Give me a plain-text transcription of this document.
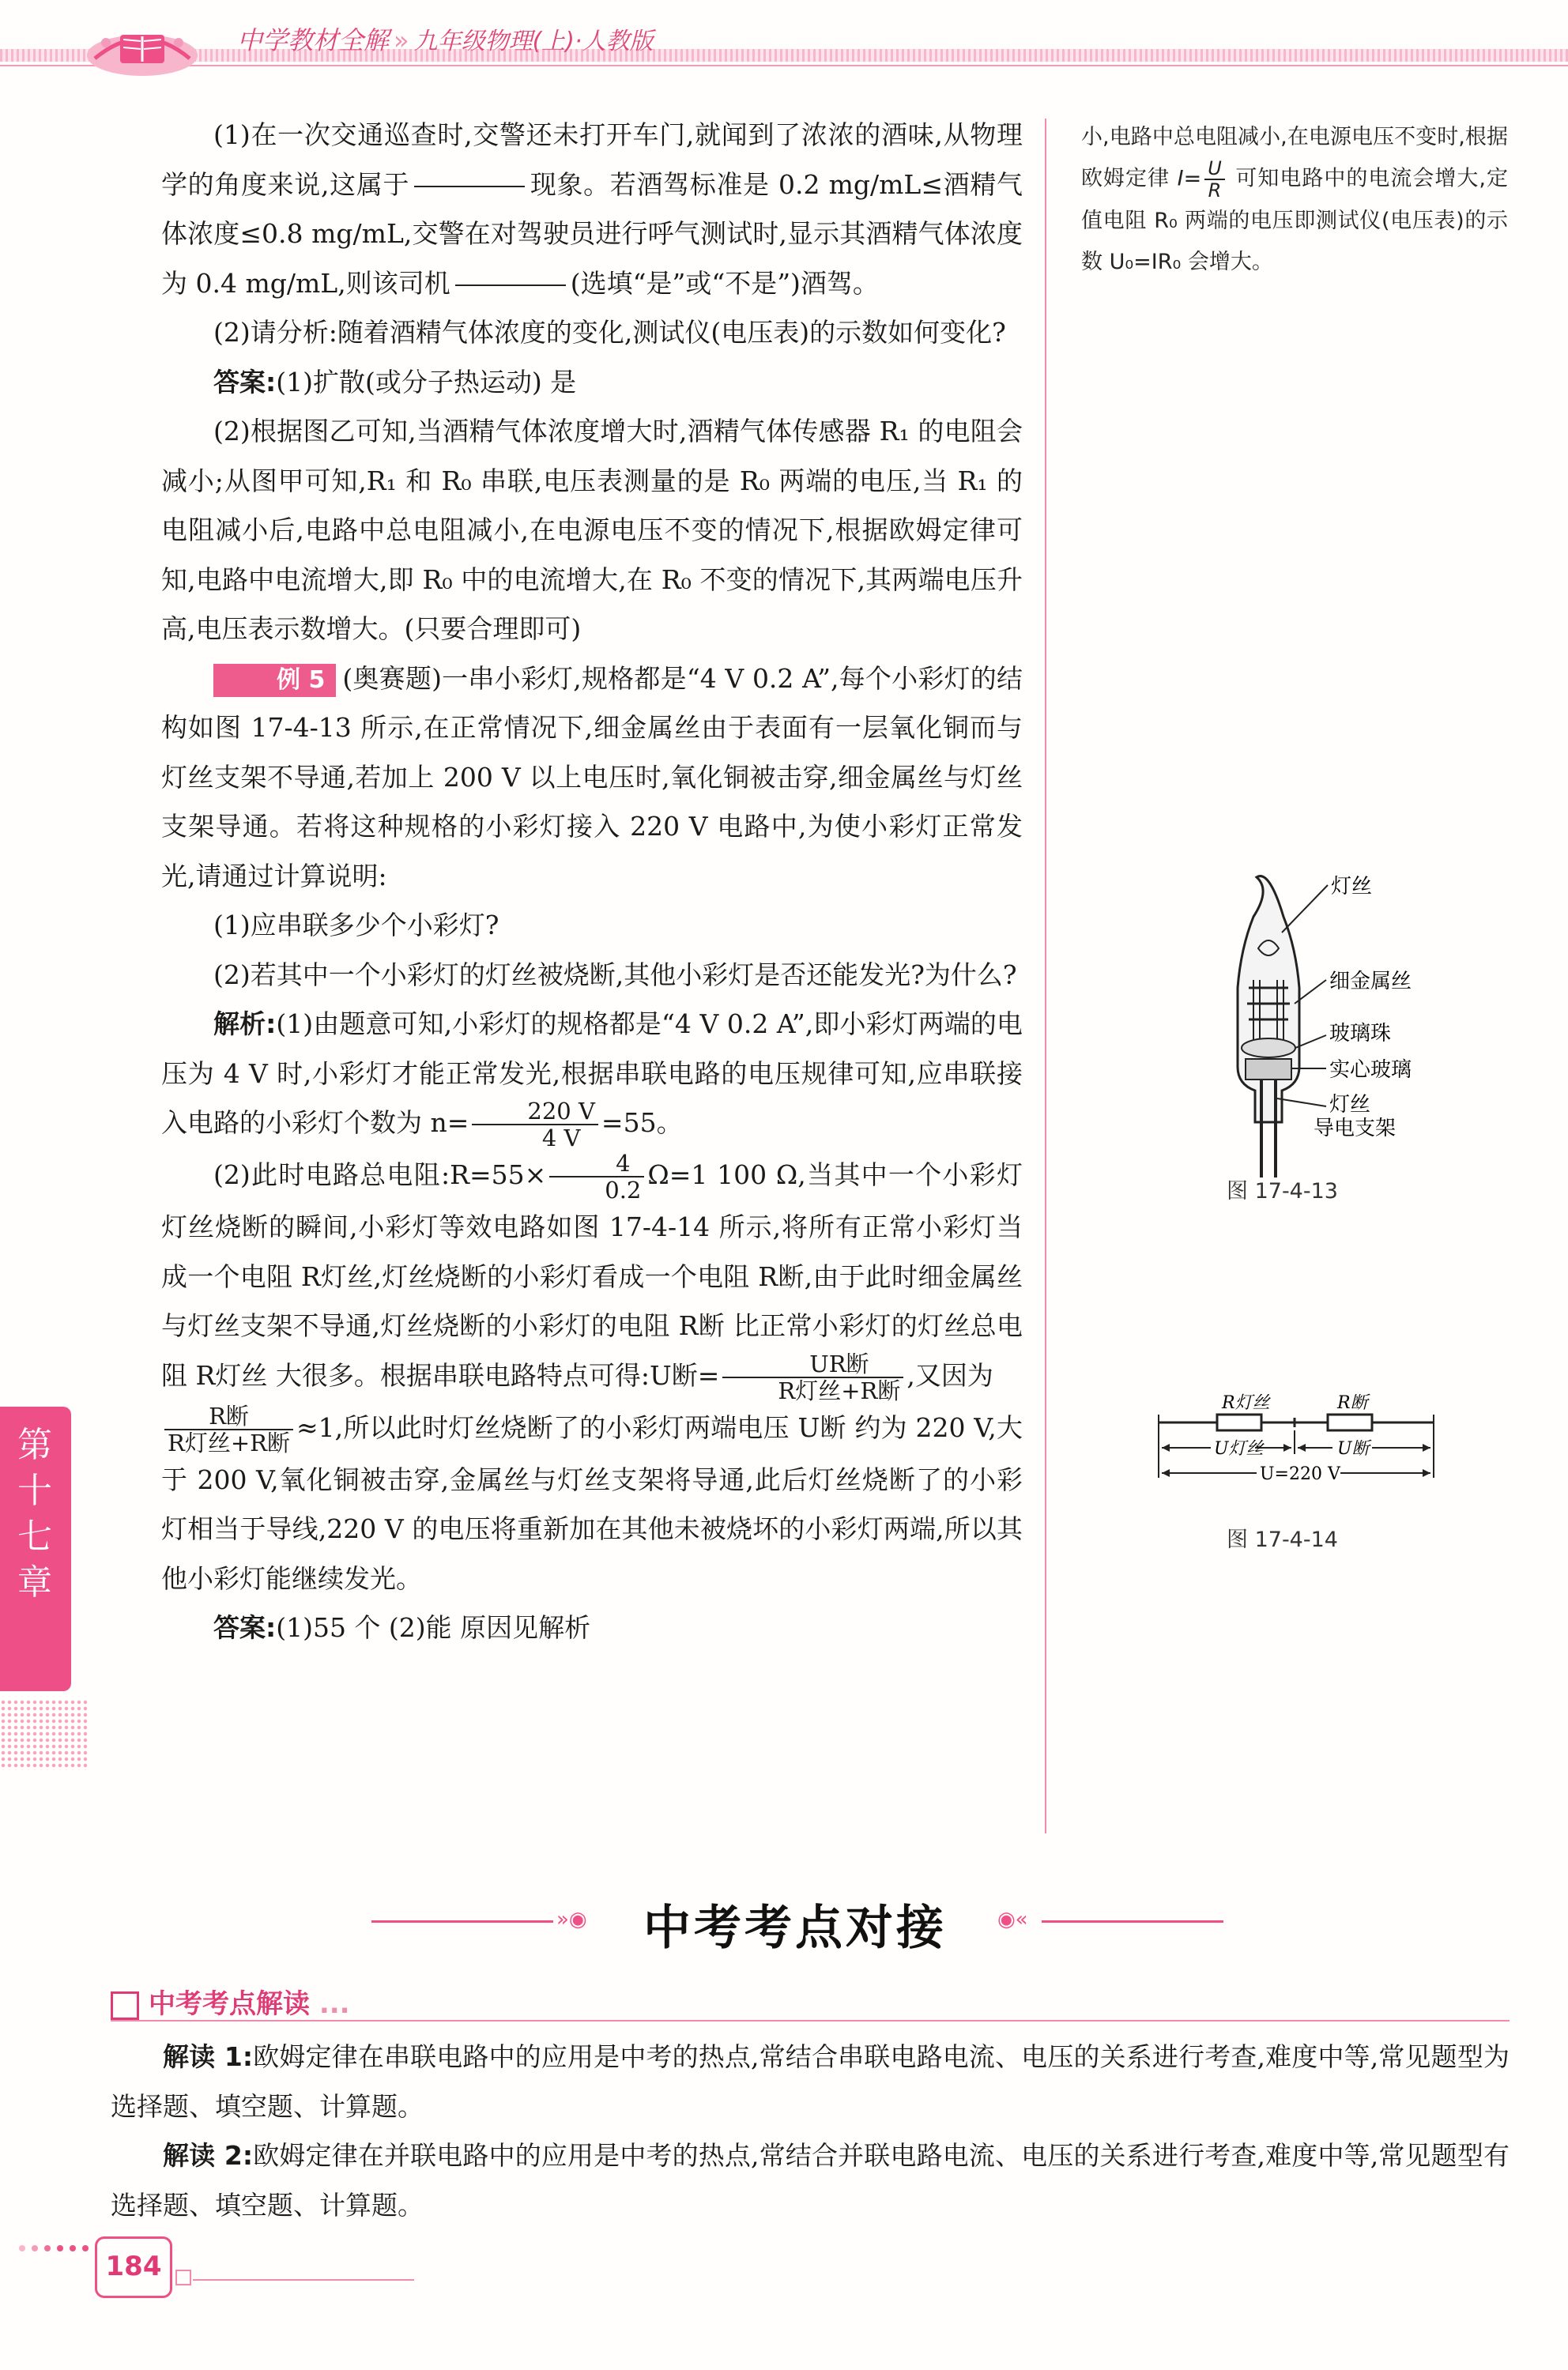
中学教材全解 » 九年级物理(上)·人教版

(1)在一次交通巡查时,交警还未打开车门,就闻到了浓浓的酒味,从物理学的角度来说,这属于	现象。若酒驾标准是 0.2 mg/mL≤酒精气体浓度≤0.8 mg/mL,交警在对驾驶员进行呼气测试时,显示其酒精气体浓度为 0.4 mg/mL,则该司机	(选填“是”或“不是”)酒驾。

(2)请分析:随着酒精气体浓度的变化,测试仪(电压表)的示数如何变化?

答案:(1)扩散(或分子热运动) 是

(2)根据图乙可知,当酒精气体浓度增大时,酒精气体传感器 R₁ 的电阻会减小;从图甲可知,R₁ 和 R₀ 串联,电压表测量的是 R₀ 两端的电压,当 R₁ 的电阻减小后,电路中总电阻减小,在电源电压不变的情况下,根据欧姆定律可知,电路中电流增大,即 R₀ 中的电流增大,在 R₀ 不变的情况下,其两端电压升高,电压表示数增大。(只要合理即可)

例 5 (奥赛题)一串小彩灯,规格都是“4 V 0.2 A”,每个小彩灯的结构如图 17-4-13 所示,在正常情况下,细金属丝由于表面有一层氧化铜而与灯丝支架不导通,若加上 200 V 以上电压时,氧化铜被击穿,细金属丝与灯丝支架导通。若将这种规格的小彩灯接入 220 V 电路中,为使小彩灯正常发光,请通过计算说明:

(1)应串联多少个小彩灯?

(2)若其中一个小彩灯的灯丝被烧断,其他小彩灯是否还能发光?为什么?

解析:(1)由题意可知,小彩灯的规格都是“4 V 0.2 A”,即小彩灯两端的电压为 4 V 时,小彩灯才能正常发光,根据串联电路的电压规律可知,应串联接入电路的小彩灯个数为 $n= \frac{220 V}{4 V} =55$。

(2)此时电路总电阻:R=55× $\frac{4}{0.2} \Omega=1$ 100 Ω,当其中一个小彩灯灯丝烧断的瞬间,小彩灯等效电路如图 17-4-14 所示,将所有正常小彩灯当成一个电阻 R灯丝,灯丝烧断的小彩灯看成一个电阻 R断,由于此时细金属丝与灯丝支架不导通,灯丝烧断的小彩灯的电阻 R断 比正常小彩灯的灯丝总电阻 R灯丝 大很多。根据串联电路特点可得:U断= $\frac{\text{UR断}}{\text{R灯丝+R断}}$ ,又因为

$\frac{\text{R断}}{\text{R灯丝+R断}} \approx 1$,所以此时灯丝烧断了的小彩灯两端电压 U断 约为 220 V,大于 200 V,氧化铜被击穿,金属丝与灯丝支架将导通,此后灯丝烧断了的小彩灯相当于导线,220 V 的电压将重新加在其他未被烧坏的小彩灯两端,所以其他小彩灯能继续发光。

答案:(1)55 个 (2)能 原因见解析

小,电路中总电阻减小,在电源电压不变时,根据欧姆定律 $I= \frac{U}{R}$ 可知电路中的电流会增大,定值电阻 R₀ 两端的电压即测试仪(电压表)的示数 U₀=IR₀ 会增大。
灯丝
细金属丝
玻璃珠
实心玻璃
灯丝
导电支架
图 17-4-13
R灯丝	R断
U灯丝	U断
U=220 V
图 17-4-14
第十七章
»◉ 中考考点对接 ◉«
中考考点解读 ...

解读 1:欧姆定律在串联电路中的应用是中考的热点,常结合串联电路电流、电压的关系进行考查,难度中等,常见题型为选择题、填空题、计算题。

解读 2:欧姆定律在并联电路中的应用是中考的热点,常结合并联电路电流、电压的关系进行考查,难度中等,常见题型有选择题、填空题、计算题。

184
